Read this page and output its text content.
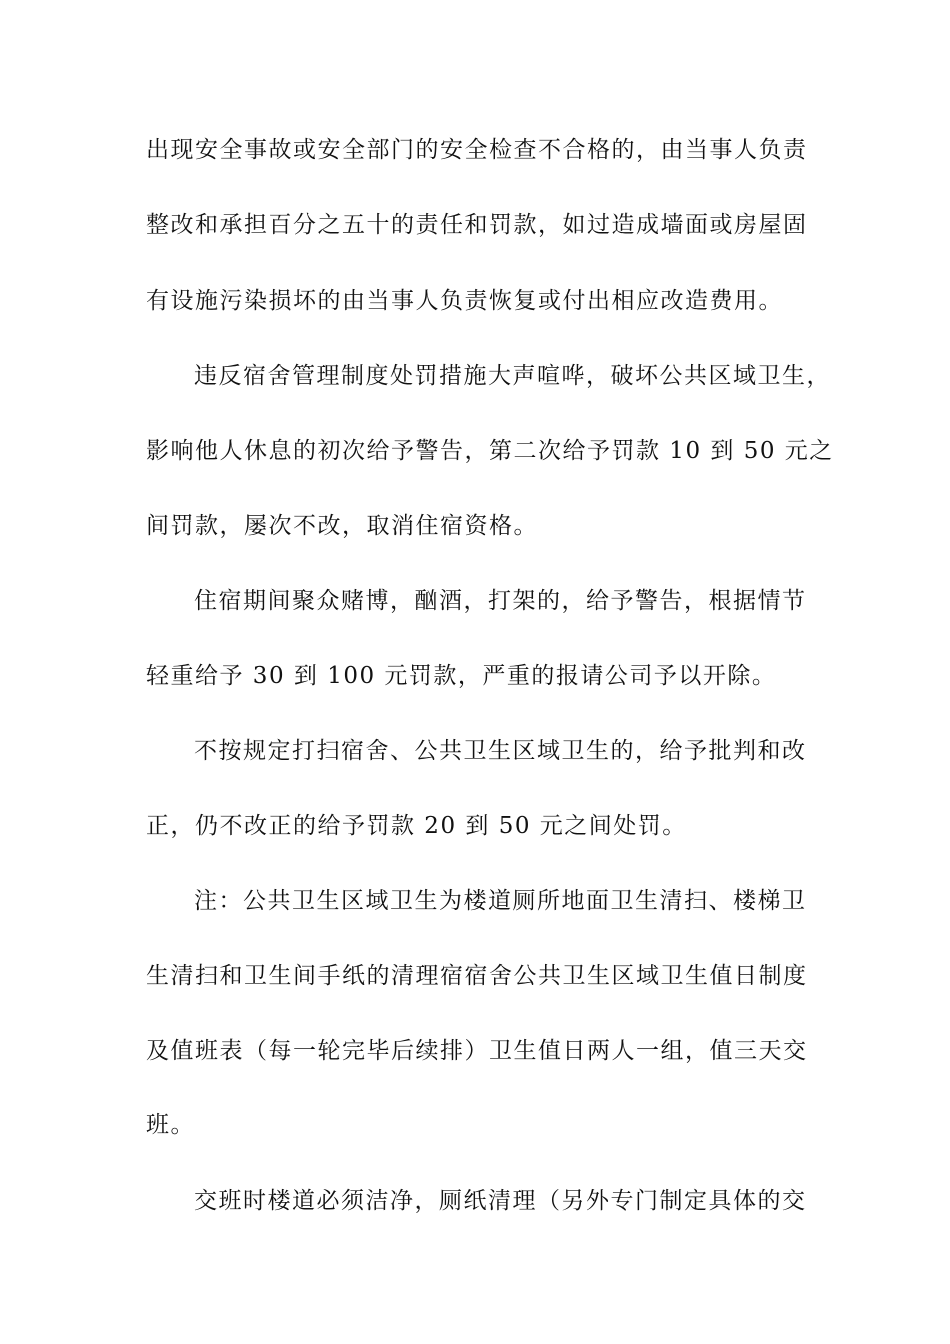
出现安全事故或安全部门的安全检查不合格的，由当事人负责
整改和承担百分之五十的责任和罚款，如过造成墙面或房屋固
有设施污染损坏的由当事人负责恢复或付出相应改造费用。
违反宿舍管理制度处罚措施大声喧哗，破坏公共区域卫生，
影响他人休息的初次给予警告，第二次给予罚款 10 到 50 元之
间罚款，屡次不改，取消住宿资格。
住宿期间聚众赌博，酗酒，打架的，给予警告，根据情节
轻重给予 30 到 100 元罚款，严重的报请公司予以开除。
不按规定打扫宿舍、公共卫生区域卫生的，给予批判和改
正，仍不改正的给予罚款 20 到 50 元之间处罚。
注：公共卫生区域卫生为楼道厕所地面卫生清扫、楼梯卫
生清扫和卫生间手纸的清理宿宿舍公共卫生区域卫生值日制度
及值班表（每一轮完毕后续排）卫生值日两人一组，值三天交
班。
交班时楼道必须洁净，厕纸清理（另外专门制定具体的交
